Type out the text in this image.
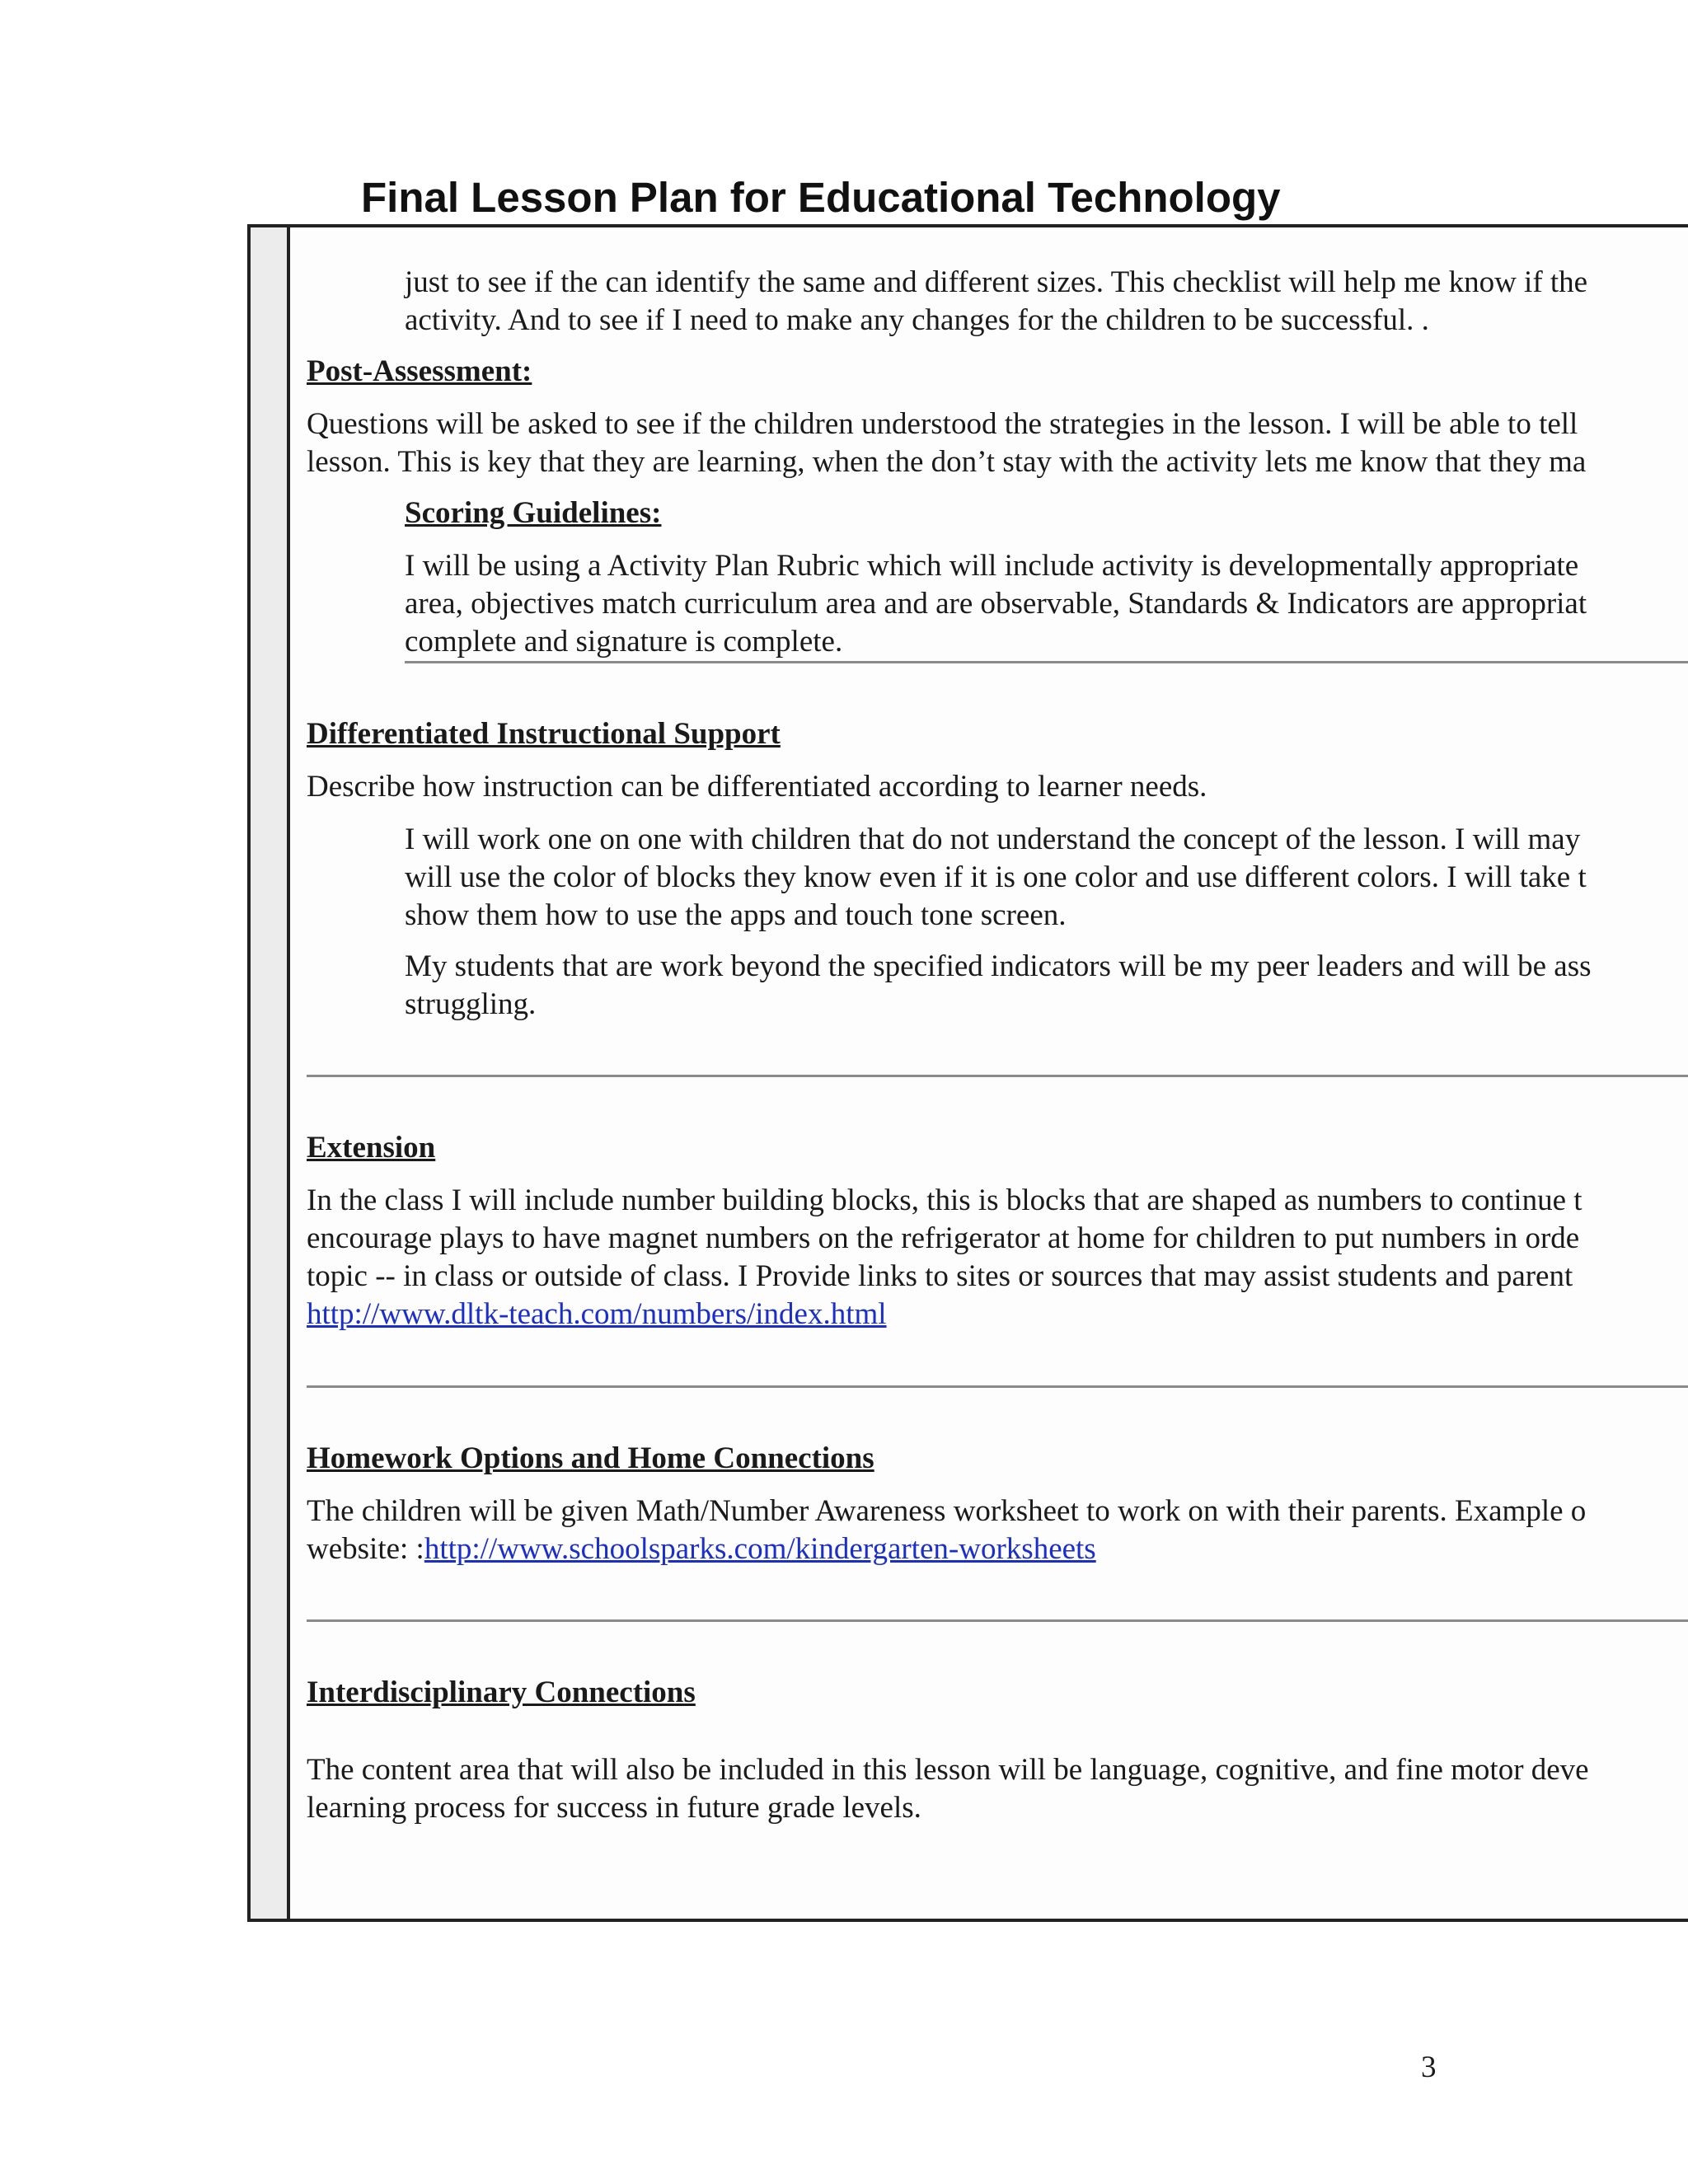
Final Lesson Plan for Educational Technology
just to see if the can identify the same and different sizes. This checklist will help me know if the
activity. And to see if I need to make any changes for the children to be successful. .
Post-Assessment:
Questions will be asked to see if the children understood the strategies in the lesson. I will be able to tell
lesson. This is key that they are learning, when the don’t stay with the activity lets me know that they ma
Scoring Guidelines:
I will be using a Activity Plan Rubric which will include activity is developmentally appropriate
area, objectives match curriculum area and are observable, Standards & Indicators are appropriat
complete and signature is complete.
Differentiated Instructional Support
Describe how instruction can be differentiated according to learner needs.
I will work one on one with children that do not understand the concept of the lesson. I will may
will use the color of blocks they know even if it is one color and use different colors. I will take t
show them how to use the apps and touch tone screen.
My students that are work beyond the specified indicators will be my peer leaders and will be ass
struggling.
Extension
In the class I will include number building blocks, this is blocks that are shaped as numbers to continue t
encourage plays to have magnet numbers on the refrigerator at home for children to put numbers in orde
topic -- in class or outside of class. I Provide links to sites or sources that may assist students and parent
http://www.dltk-teach.com/numbers/index.html
Homework Options and Home Connections
The children will be given Math/Number Awareness worksheet to work on with their parents. Example o
website: :http://www.schoolsparks.com/kindergarten-worksheets
Interdisciplinary Connections
The content area that will also be included in this lesson will be language, cognitive, and fine motor deve
learning process for success in future grade levels.
3
